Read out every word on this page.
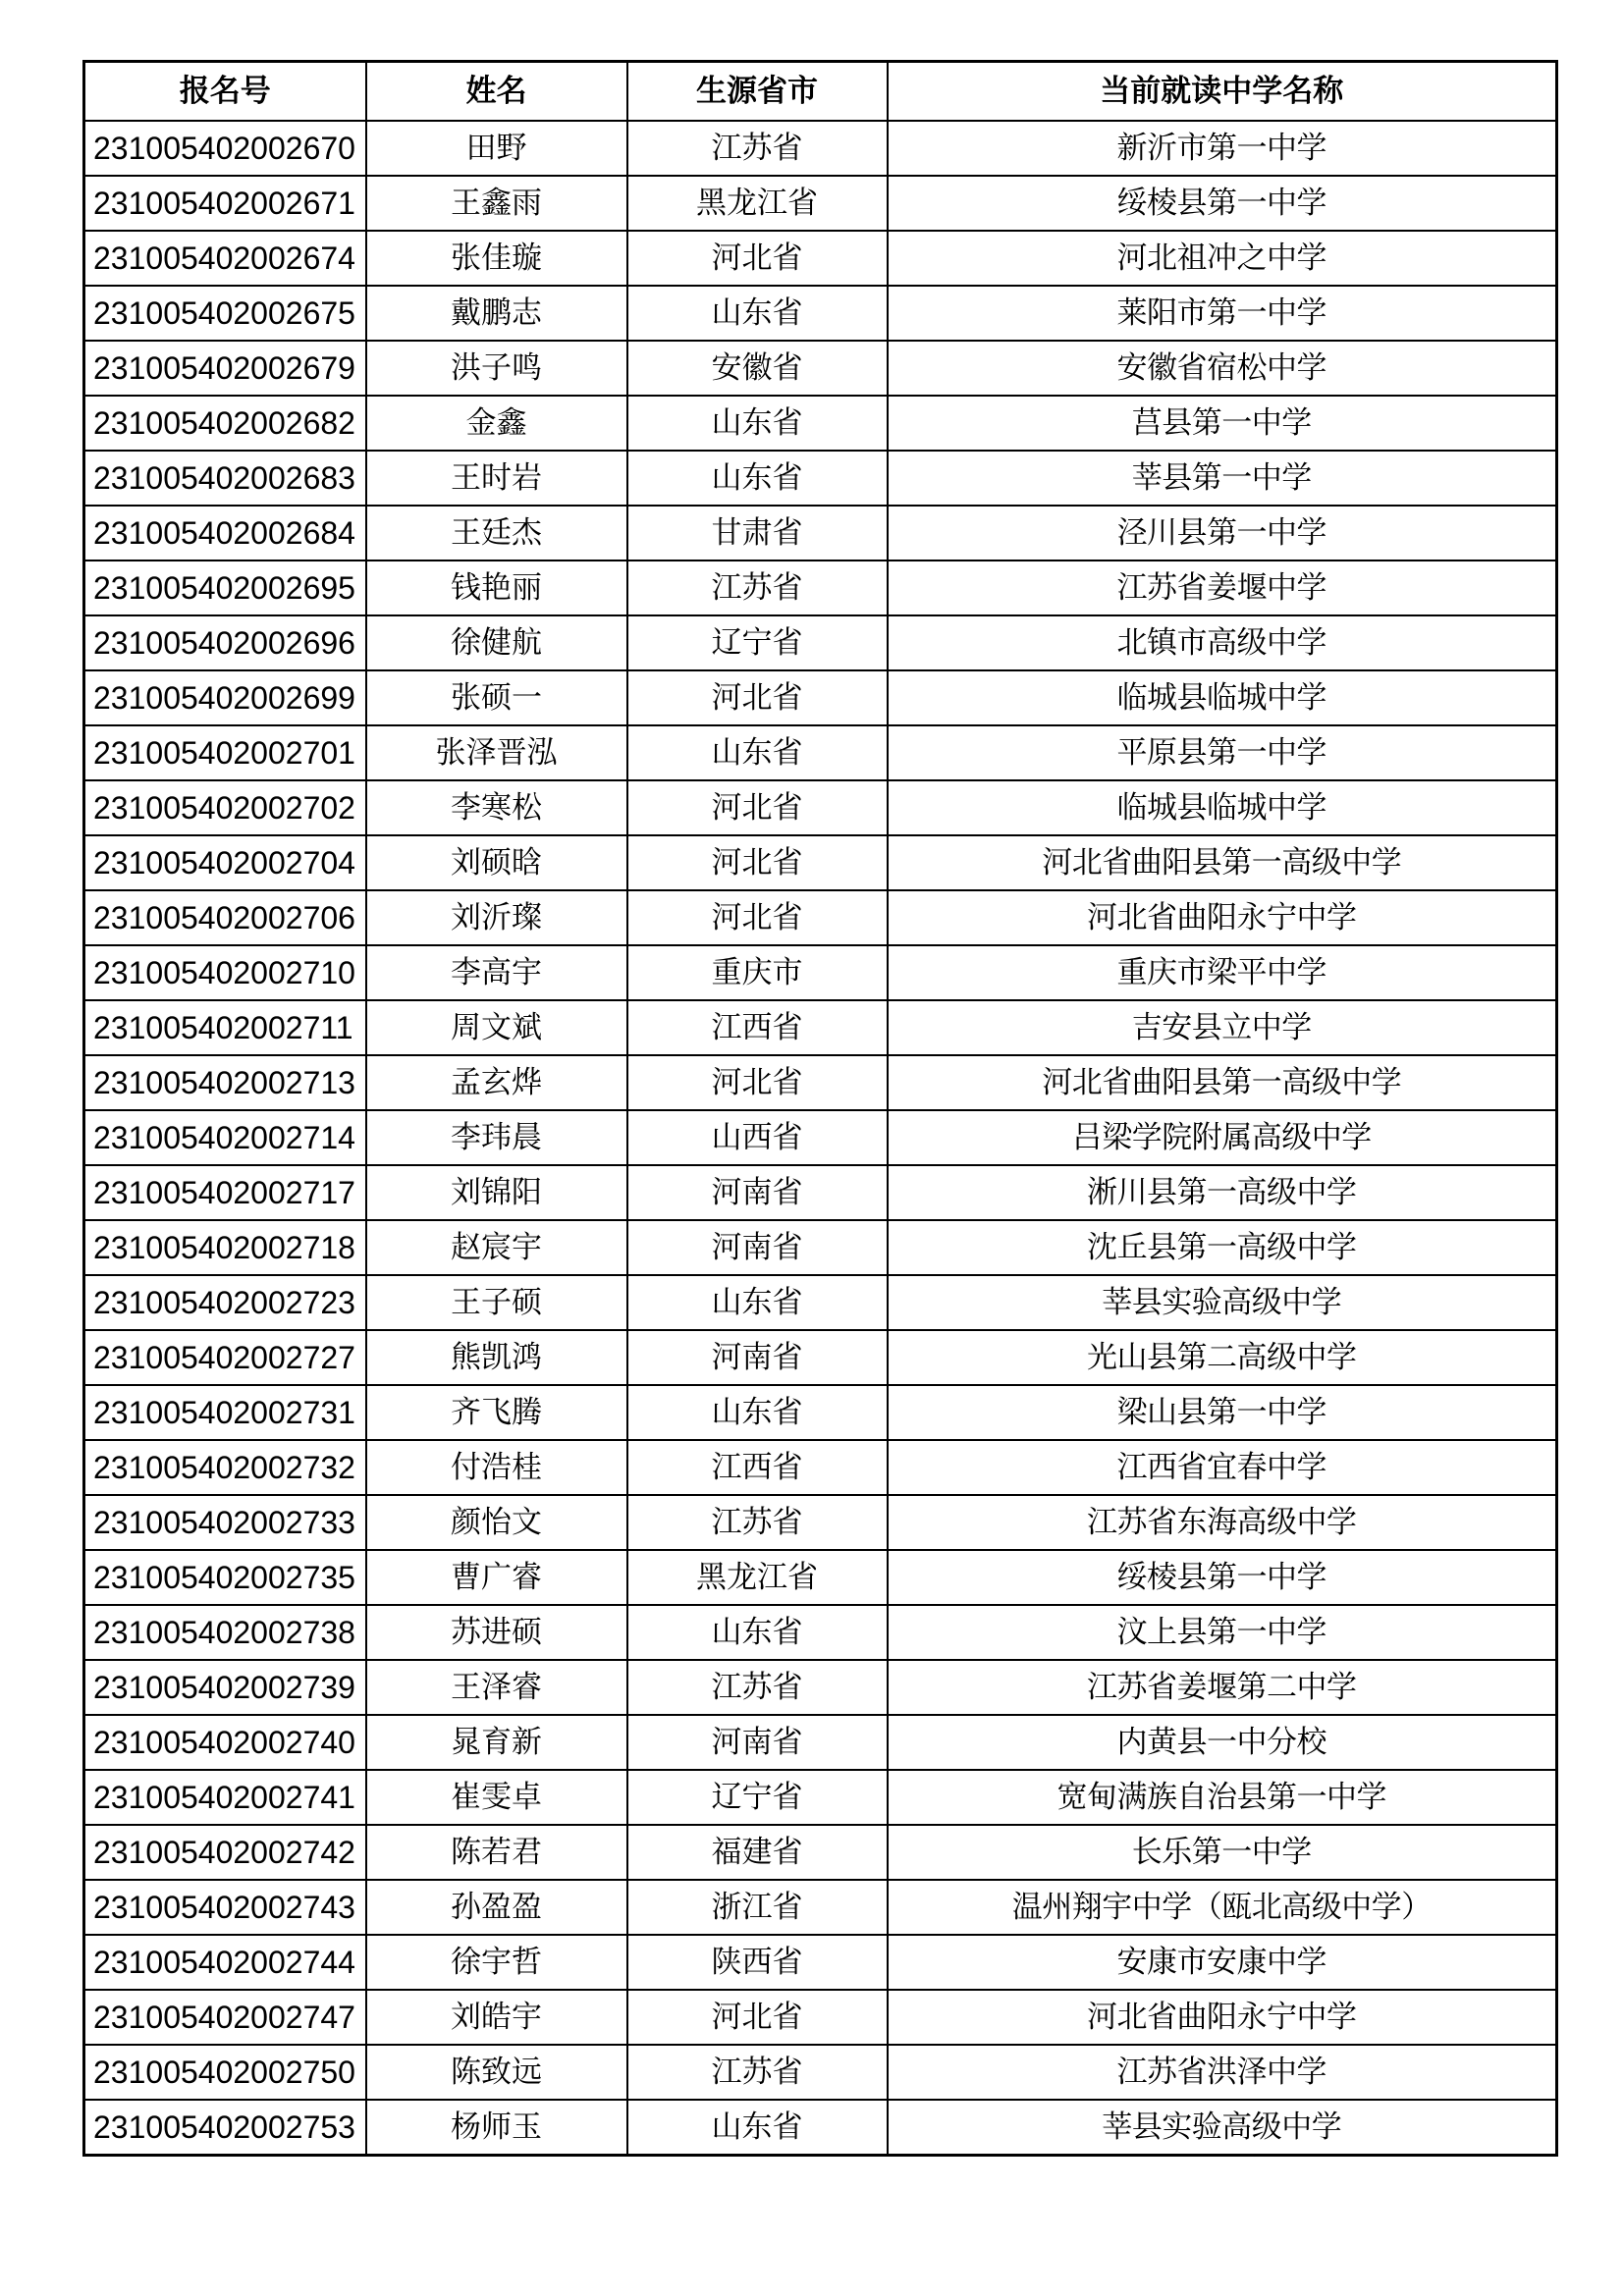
报名号	姓名	生源省市	当前就读中学名称
231005402002670	田野	江苏省	新沂市第一中学
231005402002671	王鑫雨	黑龙江省	绥棱县第一中学
231005402002674	张佳璇	河北省	河北祖冲之中学
231005402002675	戴鹏志	山东省	莱阳市第一中学
231005402002679	洪子鸣	安徽省	安徽省宿松中学
231005402002682	金鑫	山东省	莒县第一中学
231005402002683	王时岩	山东省	莘县第一中学
231005402002684	王廷杰	甘肃省	泾川县第一中学
231005402002695	钱艳丽	江苏省	江苏省姜堰中学
231005402002696	徐健航	辽宁省	北镇市高级中学
231005402002699	张硕一	河北省	临城县临城中学
231005402002701	张泽晋泓	山东省	平原县第一中学
231005402002702	李寒松	河北省	临城县临城中学
231005402002704	刘硕晗	河北省	河北省曲阳县第一高级中学
231005402002706	刘沂璨	河北省	河北省曲阳永宁中学
231005402002710	李高宇	重庆市	重庆市梁平中学
231005402002711	周文斌	江西省	吉安县立中学
231005402002713	孟玄烨	河北省	河北省曲阳县第一高级中学
231005402002714	李玮晨	山西省	吕梁学院附属高级中学
231005402002717	刘锦阳	河南省	淅川县第一高级中学
231005402002718	赵宸宇	河南省	沈丘县第一高级中学
231005402002723	王子硕	山东省	莘县实验高级中学
231005402002727	熊凯鸿	河南省	光山县第二高级中学
231005402002731	齐飞腾	山东省	梁山县第一中学
231005402002732	付浩桂	江西省	江西省宜春中学
231005402002733	颜怡文	江苏省	江苏省东海高级中学
231005402002735	曹广睿	黑龙江省	绥棱县第一中学
231005402002738	苏进硕	山东省	汶上县第一中学
231005402002739	王泽睿	江苏省	江苏省姜堰第二中学
231005402002740	晁育新	河南省	内黄县一中分校
231005402002741	崔雯卓	辽宁省	宽甸满族自治县第一中学
231005402002742	陈若君	福建省	长乐第一中学
231005402002743	孙盈盈	浙江省	温州翔宇中学（瓯北高级中学）
231005402002744	徐宇哲	陕西省	安康市安康中学
231005402002747	刘皓宇	河北省	河北省曲阳永宁中学
231005402002750	陈致远	江苏省	江苏省洪泽中学
231005402002753	杨师玉	山东省	莘县实验高级中学
